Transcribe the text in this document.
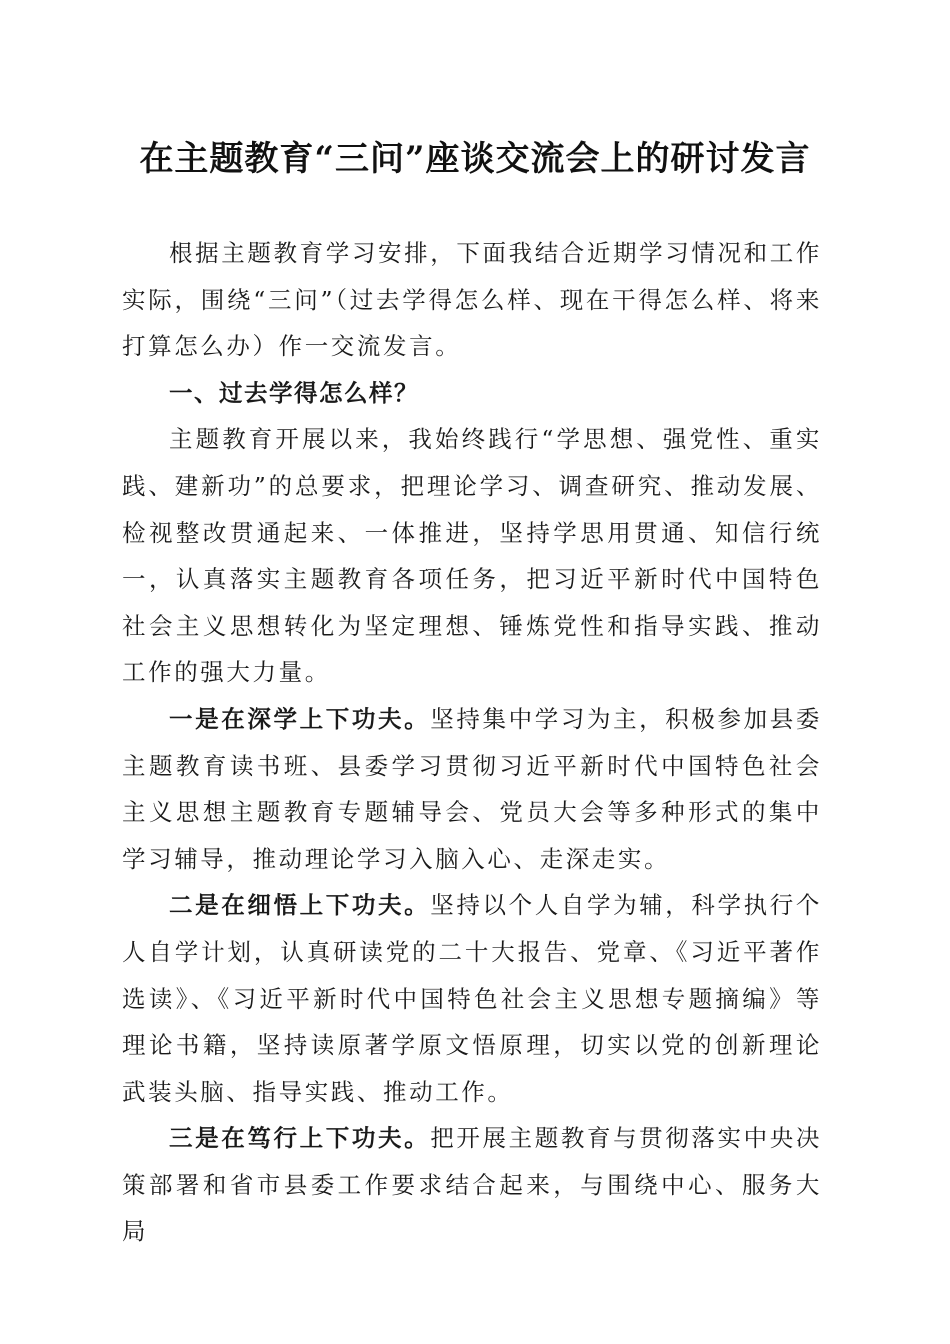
在主题教育“三问”座谈交流会上的研讨发言

根据主题教育学习安排，下面我结合近期学习情况和工作实际，围绕“三问”（过去学得怎么样、现在干得怎么样、将来打算怎么办）作一交流发言。

一、过去学得怎么样？

主题教育开展以来，我始终践行“学思想、强党性、重实践、建新功”的总要求，把理论学习、调查研究、推动发展、检视整改贯通起来、一体推进，坚持学思用贯通、知信行统一，认真落实主题教育各项任务，把习近平新时代中国特色社会主义思想转化为坚定理想、锤炼党性和指导实践、推动工作的强大力量。

一是在深学上下功夫。坚持集中学习为主，积极参加县委主题教育读书班、县委学习贯彻习近平新时代中国特色社会主义思想主题教育专题辅导会、党员大会等多种形式的集中学习辅导，推动理论学习入脑入心、走深走实。

二是在细悟上下功夫。坚持以个人自学为辅，科学执行个人自学计划，认真研读党的二十大报告、党章、《习近平著作选读》、《习近平新时代中国特色社会主义思想专题摘编》等理论书籍，坚持读原著学原文悟原理，切实以党的创新理论武装头脑、指导实践、推动工作。

三是在笃行上下功夫。把开展主题教育与贯彻落实中央决策部署和省市县委工作要求结合起来，与围绕中心、服务大局
